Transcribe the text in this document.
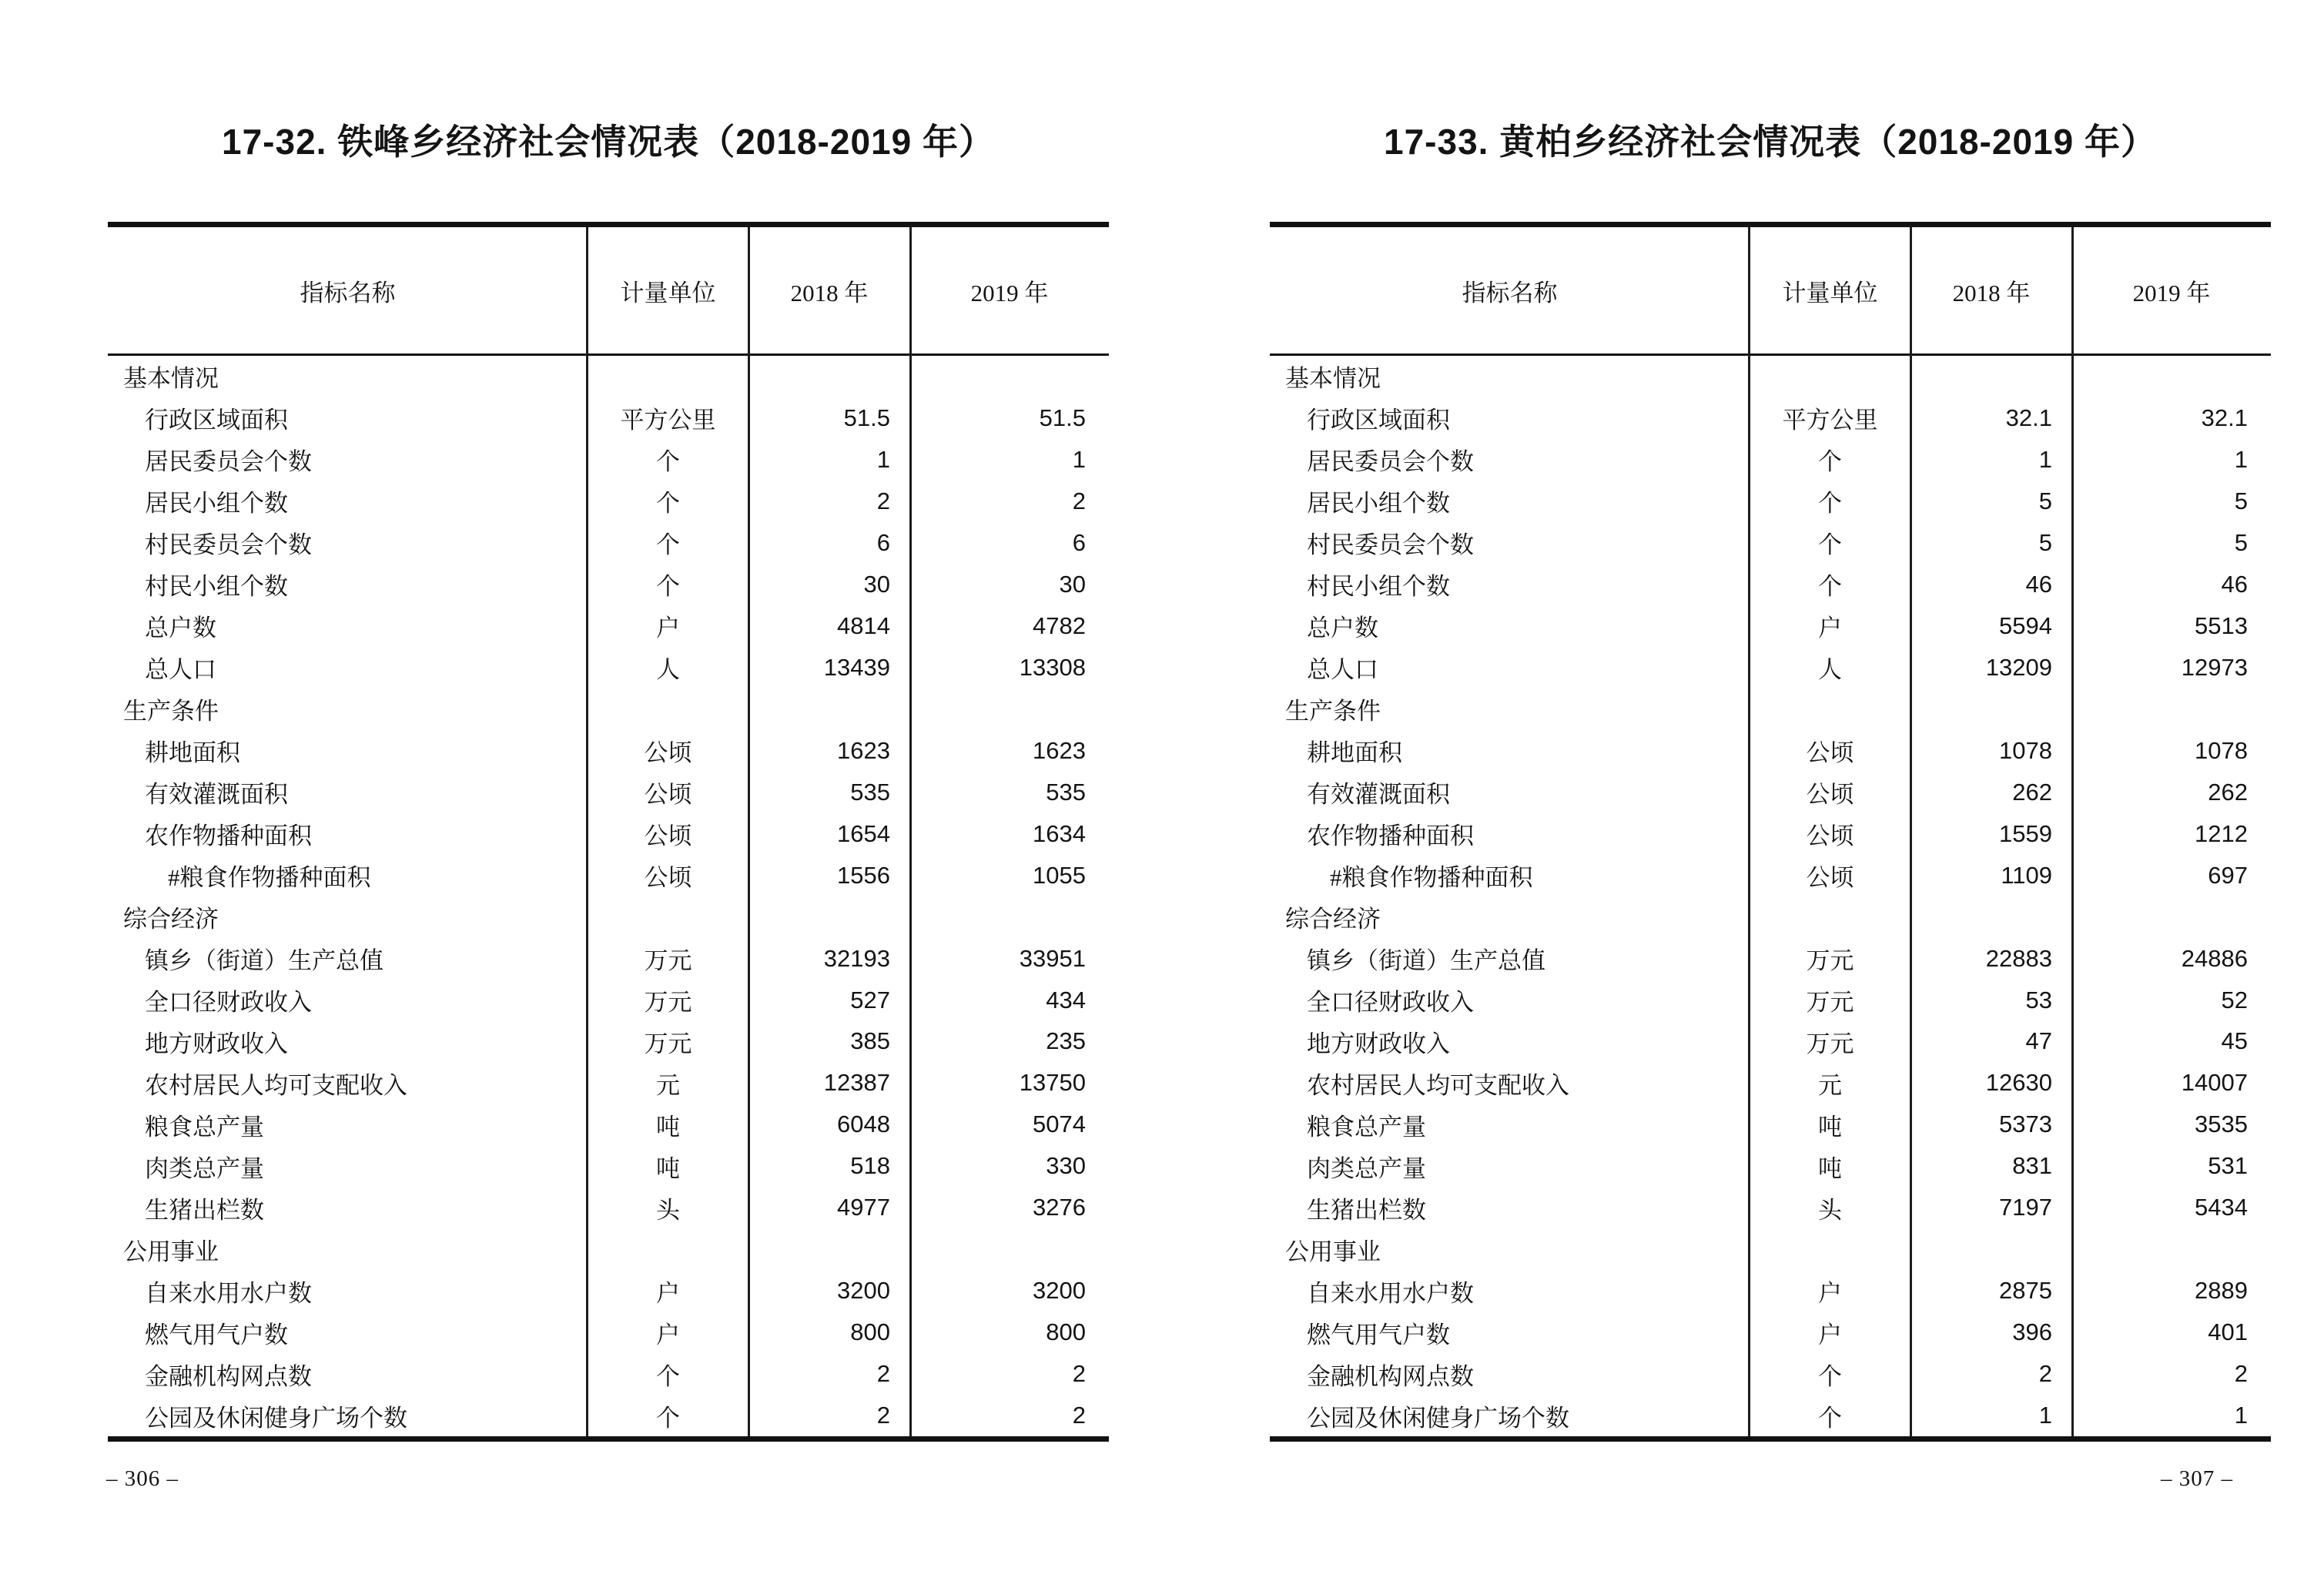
17-32. 铁峰乡经济社会情况表（2018-2019 年）
指标名称	计量单位	2018 年	2019 年
基本情况
行政区域面积	平方公里	51.5	51.5
居民委员会个数	个	1	1
居民小组个数	个	2	2
村民委员会个数	个	6	6
村民小组个数	个	30	30
总户数	户	4814	4782
总人口	人	13439	13308
生产条件
耕地面积	公顷	1623	1623
有效灌溉面积	公顷	535	535
农作物播种面积	公顷	1654	1634
#粮食作物播种面积	公顷	1556	1055
综合经济
镇乡（街道）生产总值	万元	32193	33951
全口径财政收入	万元	527	434
地方财政收入	万元	385	235
农村居民人均可支配收入	元	12387	13750
粮食总产量	吨	6048	5074
肉类总产量	吨	518	330
生猪出栏数	头	4977	3276
公用事业
自来水用水户数	户	3200	3200
燃气用气户数	户	800	800
金融机构网点数	个	2	2
公园及休闲健身广场个数	个	2	2
– 306 –
17-33. 黄柏乡经济社会情况表（2018-2019 年）
指标名称	计量单位	2018 年	2019 年
基本情况
行政区域面积	平方公里	32.1	32.1
居民委员会个数	个	1	1
居民小组个数	个	5	5
村民委员会个数	个	5	5
村民小组个数	个	46	46
总户数	户	5594	5513
总人口	人	13209	12973
生产条件
耕地面积	公顷	1078	1078
有效灌溉面积	公顷	262	262
农作物播种面积	公顷	1559	1212
#粮食作物播种面积	公顷	1109	697
综合经济
镇乡（街道）生产总值	万元	22883	24886
全口径财政收入	万元	53	52
地方财政收入	万元	47	45
农村居民人均可支配收入	元	12630	14007
粮食总产量	吨	5373	3535
肉类总产量	吨	831	531
生猪出栏数	头	7197	5434
公用事业
自来水用水户数	户	2875	2889
燃气用气户数	户	396	401
金融机构网点数	个	2	2
公园及休闲健身广场个数	个	1	1
– 307 –
